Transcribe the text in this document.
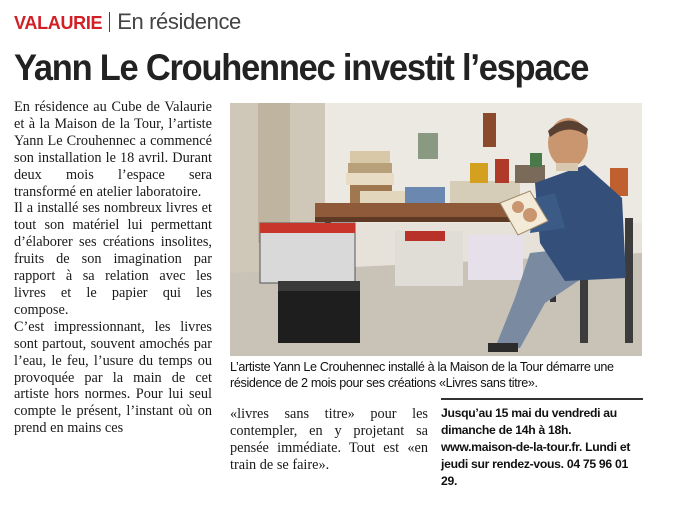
VALAURIE En résidence
Yann Le Crouhennec investit l’espace

En résidence au Cube de Valaurie et à la Maison de la Tour, l’artiste Yann Le Crouhennec a commencé son installation le 18 avril. Durant deux mois l’espace sera transformé en atelier laboratoire.

Il a installé ses nombreux livres et tout son matériel lui permettant d’élaborer ses créations insolites, fruits de son imagination par rapport à sa relation avec les livres et le papier qui les compose.

C’est impressionnant, les livres sont partout, souvent amochés par l’eau, le feu, l’usure du temps ou provoquée par la main de cet artiste hors normes. Pour lui seul compte le présent, l’instant où on prend en mains ces

L’artiste Yann Le Crouhennec installé à la Maison de la Tour démarre une résidence de 2 mois pour ses créations «Livres sans titre».
«livres sans titre» pour les contempler, en y projetant sa pensée immédiate. Tout est «en train de se faire».

Jusqu’au 15 mai du vendredi au dimanche de 14h à 18h. www.maison-de-la-tour.fr. Lundi et jeudi sur rendez-vous. 04 75 96 01 29.
